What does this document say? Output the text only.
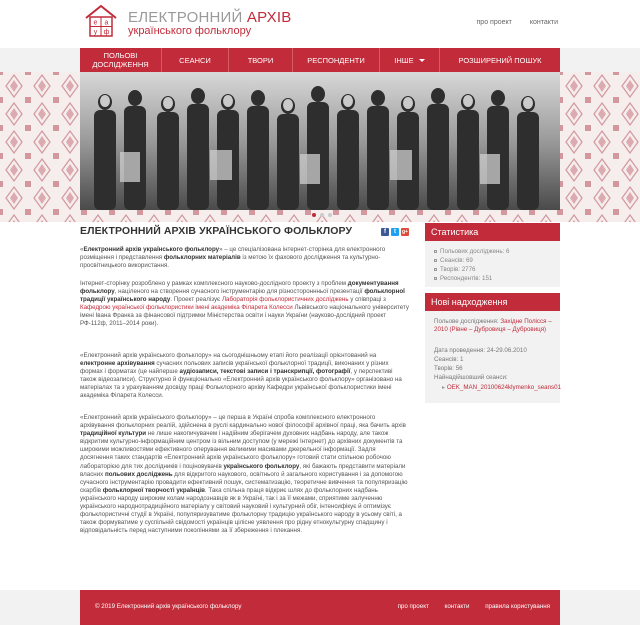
е а
у ф
ЕЛЕКТРОННИЙ АРХІВ
українського фольклору
про проект	контакти
ПОЛЬОВІ ДОСЛІДЖЕННЯ	СЕАНСИ	ТВОРИ	РЕСПОНДЕНТИ	ІНШЕ	РОЗШИРЕНИЙ ПОШУК
ЕЛЕКТРОННИЙ АРХІВ УКРАЇНСЬКОГО ФОЛЬКЛОРУ	f	t	g+
«Електронний архів українського фольклору» – це спеціалізована інтернет-сторінка для електронного розміщення і представлення фольклорних матеріалів із метою їх фахового дослідження та культурно-просвітницького використання.
Інтернет-сторінку розроблено у рамках комплексного науково-дослідного проекту з проблем документування фольклору, націленого на створення сучасного інструментарію для різностороннньої презентації фольклорної традиції українського народу. Проект реалізує Лабораторія фольклористичних досліджень у співпраці з Кафедрою української фольклористики імені академіка Філарета Колесси Львівського національного університету імені Івана Франка за фінансової підтримки Міністерства освіти і науки України (науково-дослідний проект РФ-112ф, 2011–2014 роки).
«Електронний архів українського фольклору» на сьогоднішньому етапі його реалізації орієнтований на електронне архівування сучасних польових записів української фольклорної традиції, виконаних у різних формах і форматах (це найперше аудіозаписи, текстові записи і транскрипції, фотографії, у перспективі також відеозаписи). Структурно й функціонально «Електронний архів українського фольклору» організовано на матеріалах та з урахуванням досвіду праці Фольклорного архіву Кафедри української фольклористики імені академіка Філарета Колесси.
«Електронний архів українського фольклору» – це перша в Україні спроба комплексного електронного архівування фольклорних реалій, здійснена в руслі кардинально нової філософії архівної праці, яка бачить архів традиційної культури не лише накопичувачем і надійним зберігачем духовних надбань народу, але також відкритим культурно-інформаційним центром із вільним доступом (у мережі Інтернет) до архівних документів та широкими можливостями ефективного оперування великими масивами джерельної інформації. Задля досягнення таких стандартів «Електронний архів українського фольклору» готовий стати спільною робочою лабораторією для тих дослідників і поціновувачів українського фольклору, які бажають представити матеріали власних польових досліджень для відкритого наукового, освітнього й загального користування і за допомогою сучасного інструментарію провадити ефективний пошук, систематизацію, теоретичне вивчення та популяризацію скарбів фольклорної творчості українців. Така спільна праця відкриє шлях до фольклорних надбань українського народу широким колам народознавців як в Україні, так і за її межами, сприятиме залученню українського народнотрадиційного матеріалу у світовий науковий і культурний обіг, інтенсифікує й оптимізує фольклористичні студії в Україні, популяризуватиме фольклорну традицію українського народу в усьому світі, а також формуватиме у суспільній свідомості українців цілісне уявлення про рідну етнокультурну спадщину і відповідальність перед наступними поколіннями за її збереження і плекання.
Статистика
Польових досліджень: 6
Сеансів: 69
Творів: 2776
Респондентів: 151
Нові надходження
Польове дослідження: Західне Полісся – 2010 (Рівне – Дубровиця – Дубровиця)
Дата проведення: 24-29.06.2010
Сеансів: 1
Творів: 56
Найнадійшовший сеанси:
▸ OEK_MAN_20100624klymenko_seans01
© 2019 Електронний архів українського фольклору	про проект	контакти	правила користування
